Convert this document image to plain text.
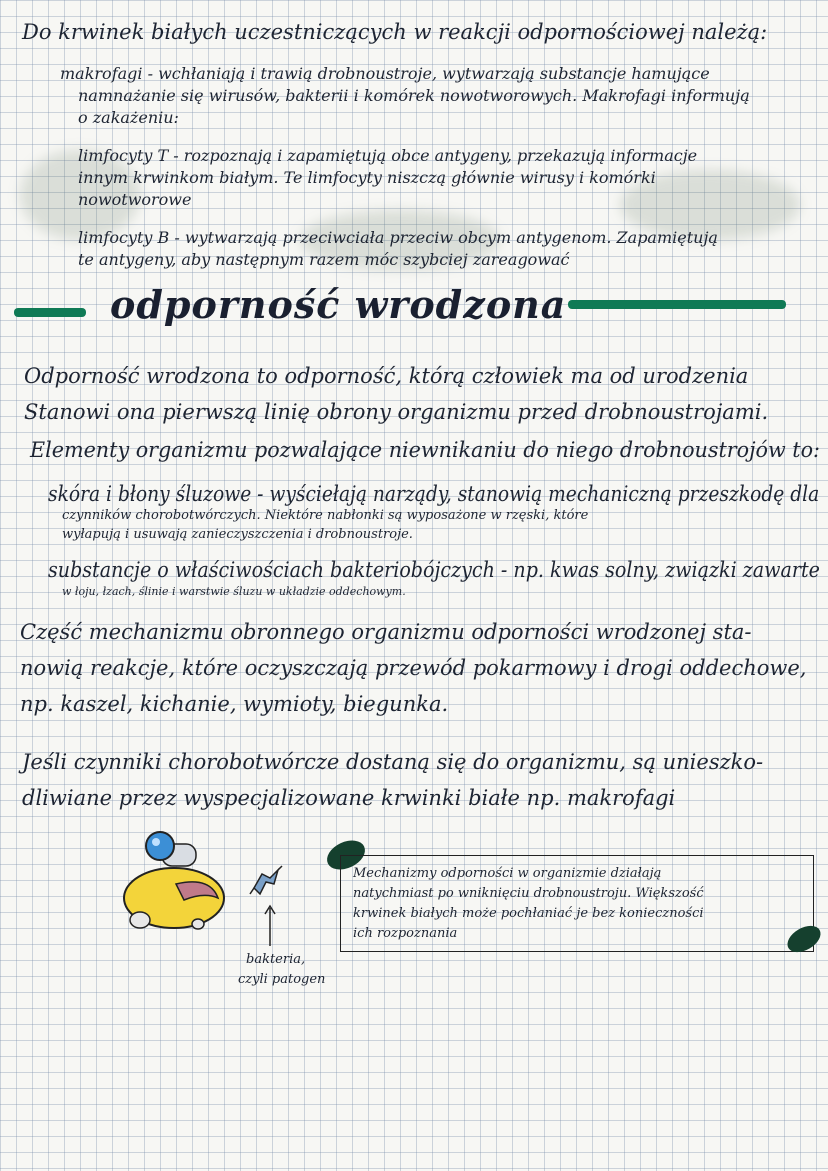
Do krwinek białych uczestniczących w reakcji odpornościowej należą:
makrofagi - wchłaniają i trawią drobnoustroje, wytwarzają substancje hamujące
namnażanie się wirusów, bakterii i komórek nowotworowych. Makrofagi informują
o zakażeniu:
limfocyty T - rozpoznają i zapamiętują obce antygeny, przekazują informacje
innym krwinkom białym. Te limfocyty niszczą głównie wirusy i komórki
nowotworowe
limfocyty B - wytwarzają przeciwciała przeciw obcym antygenom. Zapamiętują
te antygeny, aby następnym razem móc szybciej zareagować
odporność wrodzona
Odporność wrodzona to odporność, którą człowiek ma od urodzenia
Stanowi ona pierwszą linię obrony organizmu przed drobnoustrojami.
Elementy organizmu pozwalające niewnikaniu do niego drobnoustrojów to:
skóra i błony śluzowe - wyściełają narządy, stanowią mechaniczną przeszkodę dla
czynników chorobotwórczych. Niektóre nabłonki są wyposażone w rzęski, które
wyłapują i usuwają zanieczyszczenia i drobnoustroje.
substancje o właściwościach bakteriobójczych - np. kwas solny, związki zawarte
w łoju, łzach, ślinie i warstwie śluzu w układzie oddechowym.
Część mechanizmu obronnego organizmu odporności wrodzonej sta-
nowią reakcje, które oczyszczają przewód pokarmowy i drogi oddechowe,
np. kaszel, kichanie, wymioty, biegunka.
Jeśli czynniki chorobotwórcze dostaną się do organizmu, są unieszko-
dliwiane przez wyspecjalizowane krwinki białe np. makrofagi
bakteria,
czyli patogen
Mechanizmy odporności w organizmie działają
natychmiast po wniknięciu drobnoustroju. Większość
krwinek białych może pochłaniać je bez konieczności
ich rozpoznania
